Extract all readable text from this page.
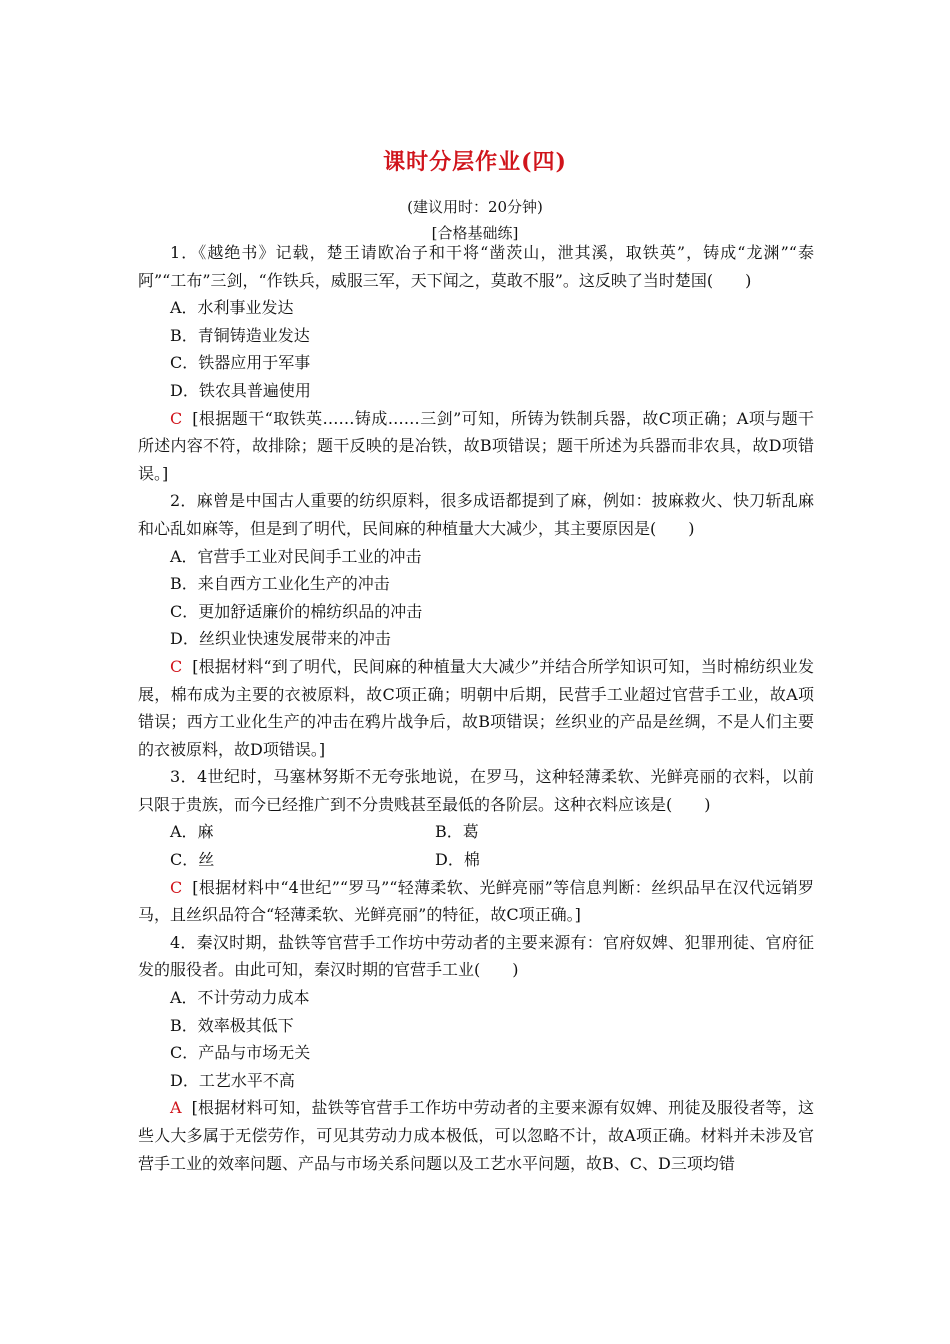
课时分层作业(四)
(建议用时：20分钟)
[合格基础练]

1．《越绝书》记载，楚王请欧冶子和干将“凿茨山，泄其溪，取铁英”，铸成“龙渊”“泰阿”“工布”三剑，“作铁兵，威服三军，天下闻之，莫敢不服”。这反映了当时楚国(　　)

A．水利事业发达

B．青铜铸造业发达

C．铁器应用于军事

D．铁农具普遍使用

C [根据题干“取铁英……铸成……三剑”可知，所铸为铁制兵器，故C项正确；A项与题干所述内容不符，故排除；题干反映的是冶铁，故B项错误；题干所述为兵器而非农具，故D项错误。]

2．麻曾是中国古人重要的纺织原料，很多成语都提到了麻，例如：披麻救火、快刀斩乱麻和心乱如麻等，但是到了明代，民间麻的种植量大大减少，其主要原因是(　　)

A．官营手工业对民间手工业的冲击

B．来自西方工业化生产的冲击

C．更加舒适廉价的棉纺织品的冲击

D．丝织业快速发展带来的冲击

C [根据材料“到了明代，民间麻的种植量大大减少”并结合所学知识可知，当时棉纺织业发展，棉布成为主要的衣被原料，故C项正确；明朝中后期，民营手工业超过官营手工业，故A项错误；西方工业化生产的冲击在鸦片战争后，故B项错误；丝织业的产品是丝绸，不是人们主要的衣被原料，故D项错误。]

3．4世纪时，马塞林努斯不无夸张地说，在罗马，这种轻薄柔软、光鲜亮丽的衣料，以前只限于贵族，而今已经推广到不分贵贱甚至最低的各阶层。这种衣料应该是(　　)

A．麻	B．葛
C．丝	D．棉

C [根据材料中“4世纪”“罗马”“轻薄柔软、光鲜亮丽”等信息判断：丝织品早在汉代远销罗马，且丝织品符合“轻薄柔软、光鲜亮丽”的特征，故C项正确。]

4．秦汉时期，盐铁等官营手工作坊中劳动者的主要来源有：官府奴婢、犯罪刑徒、官府征发的服役者。由此可知，秦汉时期的官营手工业(　　)

A．不计劳动力成本

B．效率极其低下

C．产品与市场无关

D．工艺水平不高

A [根据材料可知，盐铁等官营手工作坊中劳动者的主要来源有奴婢、刑徒及服役者等，这些人大多属于无偿劳作，可见其劳动力成本极低，可以忽略不计，故A项正确。材料并未涉及官营手工业的效率问题、产品与市场关系问题以及工艺水平问题，故B、C、D三项均错
